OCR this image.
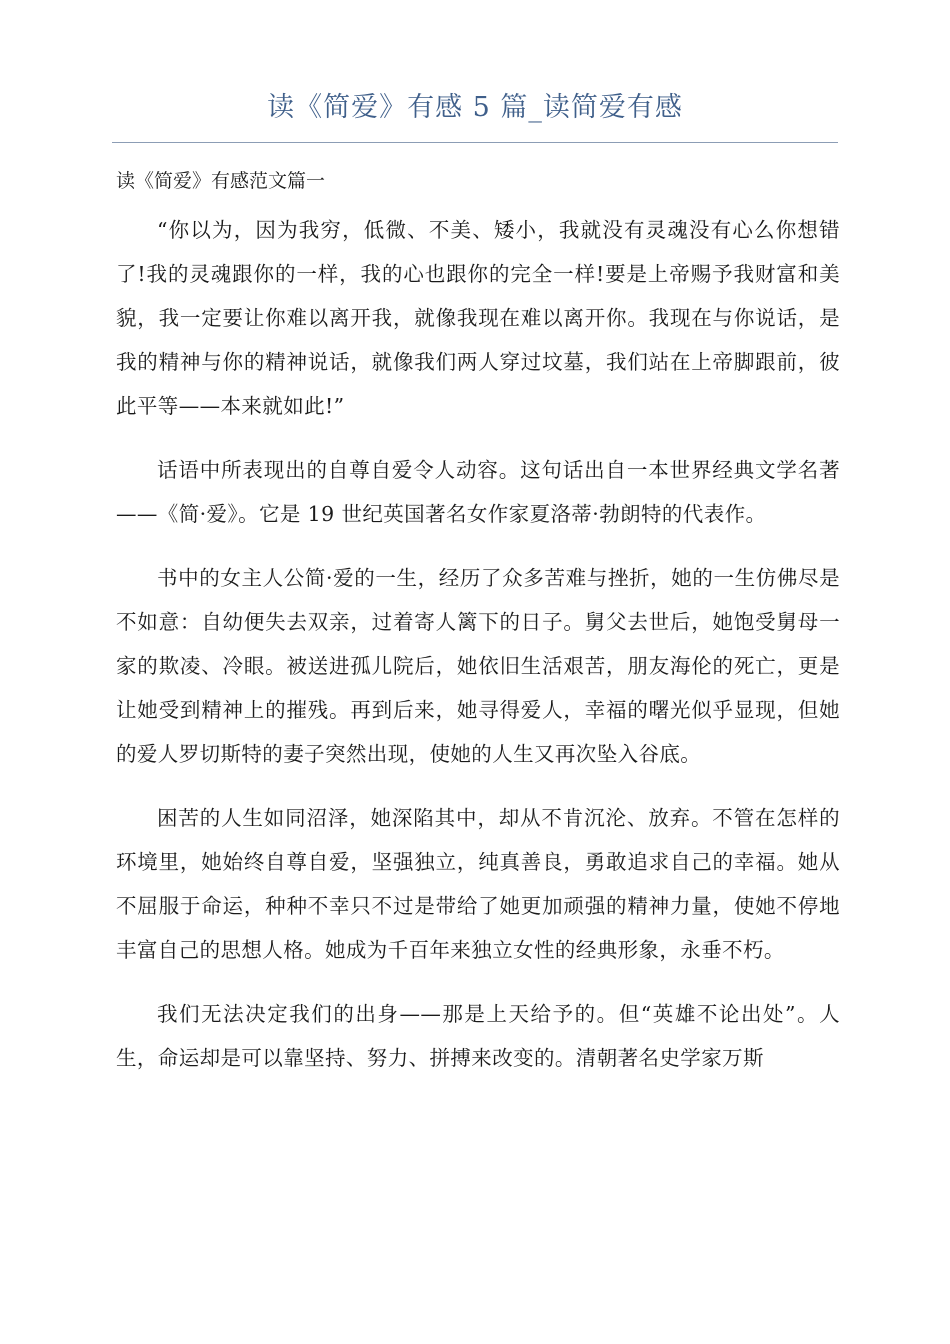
读《简爱》有感 5 篇_读简爱有感
读《简爱》有感范文篇一

“你以为，因为我穷，低微、不美、矮小，我就没有灵魂没有心么你想错了!我的灵魂跟你的一样，我的心也跟你的完全一样!要是上帝赐予我财富和美貌，我一定要让你难以离开我，就像我现在难以离开你。我现在与你说话，是我的精神与你的精神说话，就像我们两人穿过坟墓，我们站在上帝脚跟前，彼此平等——本来就如此!”

话语中所表现出的自尊自爱令人动容。这句话出自一本世界经典文学名著——《简·爱》。它是 19 世纪英国著名女作家夏洛蒂·勃朗特的代表作。

书中的女主人公简·爱的一生，经历了众多苦难与挫折，她的一生仿佛尽是不如意：自幼便失去双亲，过着寄人篱下的日子。舅父去世后，她饱受舅母一家的欺凌、冷眼。被送进孤儿院后，她依旧生活艰苦，朋友海伦的死亡，更是让她受到精神上的摧残。再到后来，她寻得爱人，幸福的曙光似乎显现，但她的爱人罗切斯特的妻子突然出现，使她的人生又再次坠入谷底。

困苦的人生如同沼泽，她深陷其中，却从不肯沉沦、放弃。不管在怎样的环境里，她始终自尊自爱，坚强独立，纯真善良，勇敢追求自己的幸福。她从不屈服于命运，种种不幸只不过是带给了她更加顽强的精神力量，使她不停地丰富自己的思想人格。她成为千百年来独立女性的经典形象，永垂不朽。

我们无法决定我们的出身——那是上天给予的。但“英雄不论出处”。人生，命运却是可以靠坚持、努力、拼搏来改变的。清朝著名史学家万斯
